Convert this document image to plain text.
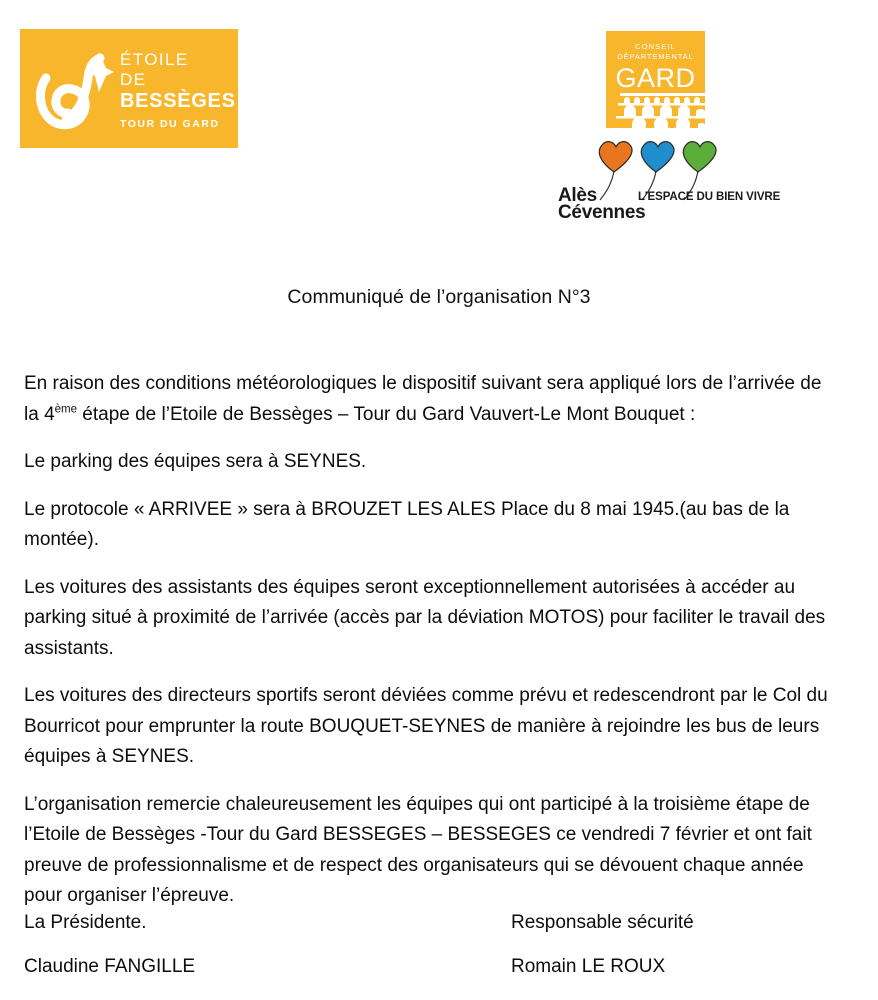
ÉTOILE
DE
BESSÈGES
TOUR DU GARD
CONSEIL
DÉPARTEMENTAL
GARD
Alès
Cévennes
L'ESPACE DU BIEN VIVRE
Communiqué de l’organisation N°3

En raison des conditions météorologiques le dispositif suivant sera appliqué lors de l’arrivée de la 4ème étape de l’Etoile de Bessèges – Tour du Gard Vauvert-Le Mont Bouquet :

Le parking des équipes sera à SEYNES.

Le protocole « ARRIVEE » sera à BROUZET LES ALES Place du 8 mai 1945.(au bas de la montée).

Les voitures des assistants des équipes seront exceptionnellement autorisées à accéder au parking situé à proximité de l’arrivée (accès par la déviation MOTOS) pour faciliter le travail des assistants.

Les voitures des directeurs sportifs seront déviées comme prévu et redescendront par le Col du Bourricot pour emprunter la route BOUQUET-SEYNES de manière à rejoindre les bus de leurs équipes à SEYNES.

L’organisation remercie chaleureusement les équipes qui ont participé à la troisième étape de l’Etoile de Bessèges -Tour du Gard BESSEGES – BESSEGES ce vendredi 7 février et ont fait preuve de professionnalisme et de respect des organisateurs qui se dévouent chaque année pour organiser l’épreuve.

La Présidente.	Responsable sécurité
Claudine FANGILLE	Romain LE ROUX
